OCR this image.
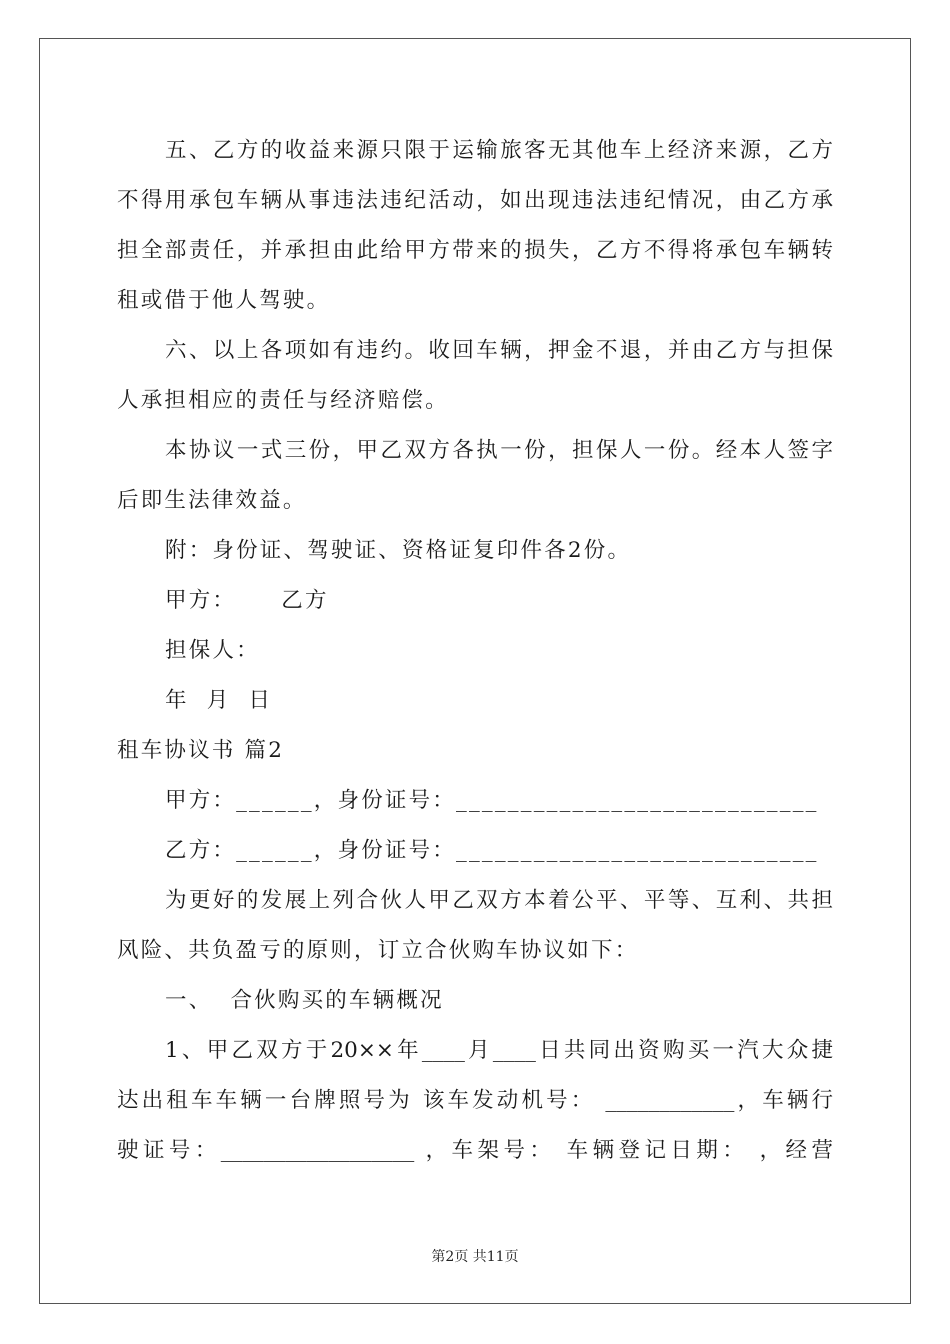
五、乙方的收益来源只限于运输旅客无其他车上经济来源，乙方
不得用承包车辆从事违法违纪活动，如出现违法违纪情况，由乙方承
担全部责任，并承担由此给甲方带来的损失，乙方不得将承包车辆转
租或借于他人驾驶。
六、以上各项如有违约。收回车辆，押金不退，并由乙方与担保
人承担相应的责任与经济赔偿。
本协议一式三份，甲乙双方各执一份，担保人一份。经本人签字
后即生法律效益。
附：身份证、驾驶证、资格证复印件各2份。
甲方：     乙方
担保人：
年  月  日
租车协议书 篇2
甲方：______，身份证号：____________________________
乙方：______，身份证号：____________________________
为更好的发展上列合伙人甲乙双方本着公平、平等、互利、共担
风险、共负盈亏的原则，订立合伙购车协议如下：
一、  合伙购买的车辆概况
1、甲乙双方于20××年____月____日共同出资购买一汽大众捷
达出租车车辆一台牌照号为 该车发动机号： ____________，车辆行
驶证号：__________________ ，车架号： 车辆登记日期： ，经营
第2页 共11页
